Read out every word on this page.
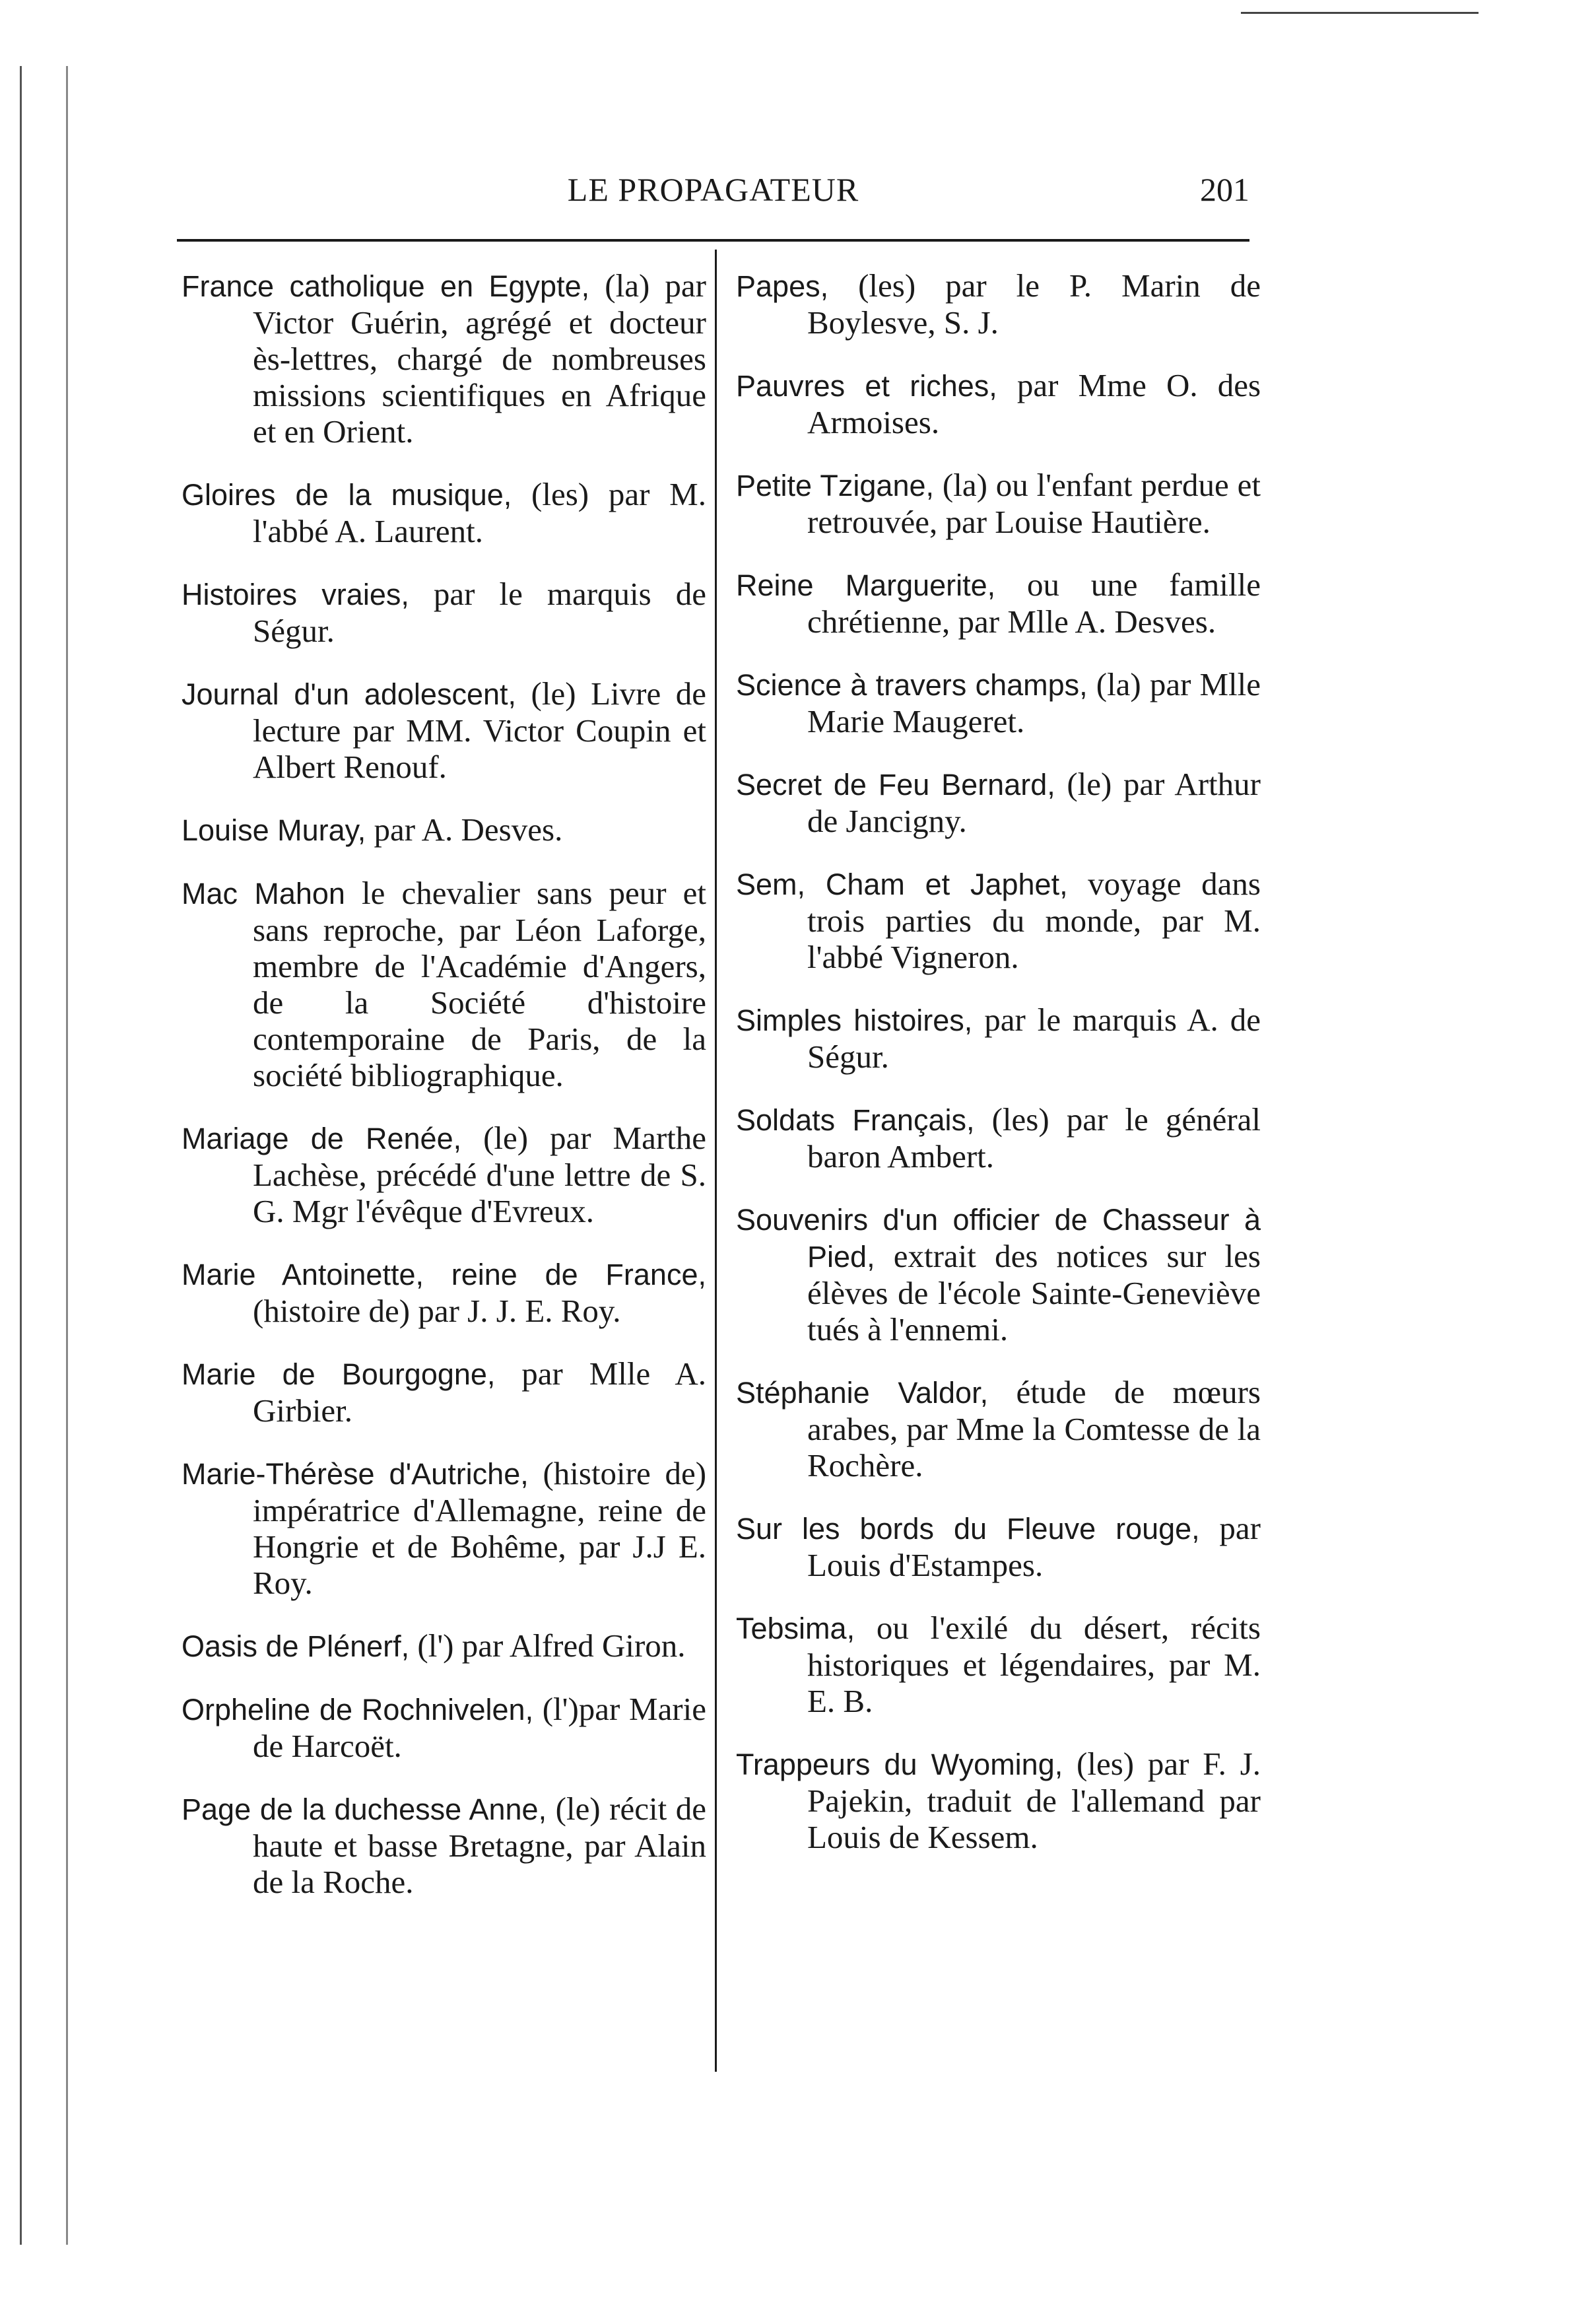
LE PROPAGATEUR	201
France catholique en Egypte, (la) par Victor Guérin, agrégé et docteur ès-lettres, chargé de nombreuses missions scientifiques en Afrique et en Orient.
Gloires de la musique, (les) par M. l'abbé A. Laurent.
Histoires vraies, par le marquis de Ségur.
Journal d'un adolescent, (le) Livre de lecture par MM. Victor Coupin et Albert Renouf.
Louise Muray, par A. Desves.
Mac Mahon le chevalier sans peur et sans reproche, par Léon Laforge, membre de l'Académie d'Angers, de la Société d'histoire contemporaine de Paris, de la société bibliographique.
Mariage de Renée, (le) par Marthe Lachèse, précédé d'une lettre de S. G. Mgr l'évêque d'Evreux.
Marie Antoinette, reine de France, (histoire de) par J. J. E. Roy.
Marie de Bourgogne, par Mlle A. Girbier.
Marie-Thérèse d'Autriche, (histoire de) impératrice d'Allemagne, reine de Hongrie et de Bohême, par J.J E. Roy.
Oasis de Plénerf, (l') par Alfred Giron.
Orpheline de Rochnivelen, (l')par Marie de Harcoët.
Page de la duchesse Anne, (le) récit de haute et basse Bretagne, par Alain de la Roche.
Papes, (les) par le P. Marin de Boylesve, S. J.
Pauvres et riches, par Mme O. des Armoises.
Petite Tzigane, (la) ou l'enfant perdue et retrouvée, par Louise Hautière.
Reine Marguerite, ou une famille chrétienne, par Mlle A. Desves.
Science à travers champs, (la) par Mlle Marie Maugeret.
Secret de Feu Bernard, (le) par Arthur de Jancigny.
Sem, Cham et Japhet, voyage dans trois parties du monde, par M. l'abbé Vigneron.
Simples histoires, par le marquis A. de Ségur.
Soldats Français, (les) par le général baron Ambert.
Souvenirs d'un officier de Chasseur à Pied, extrait des notices sur les élèves de l'école Sainte-Geneviève tués à l'ennemi.
Stéphanie Valdor, étude de mœurs arabes, par Mme la Comtesse de la Rochère.
Sur les bords du Fleuve rouge, par Louis d'Estampes.
Tebsima, ou l'exilé du désert, récits historiques et légendaires, par M. E. B.
Trappeurs du Wyoming, (les) par F. J. Pajekin, traduit de l'allemand par Louis de Kessem.
